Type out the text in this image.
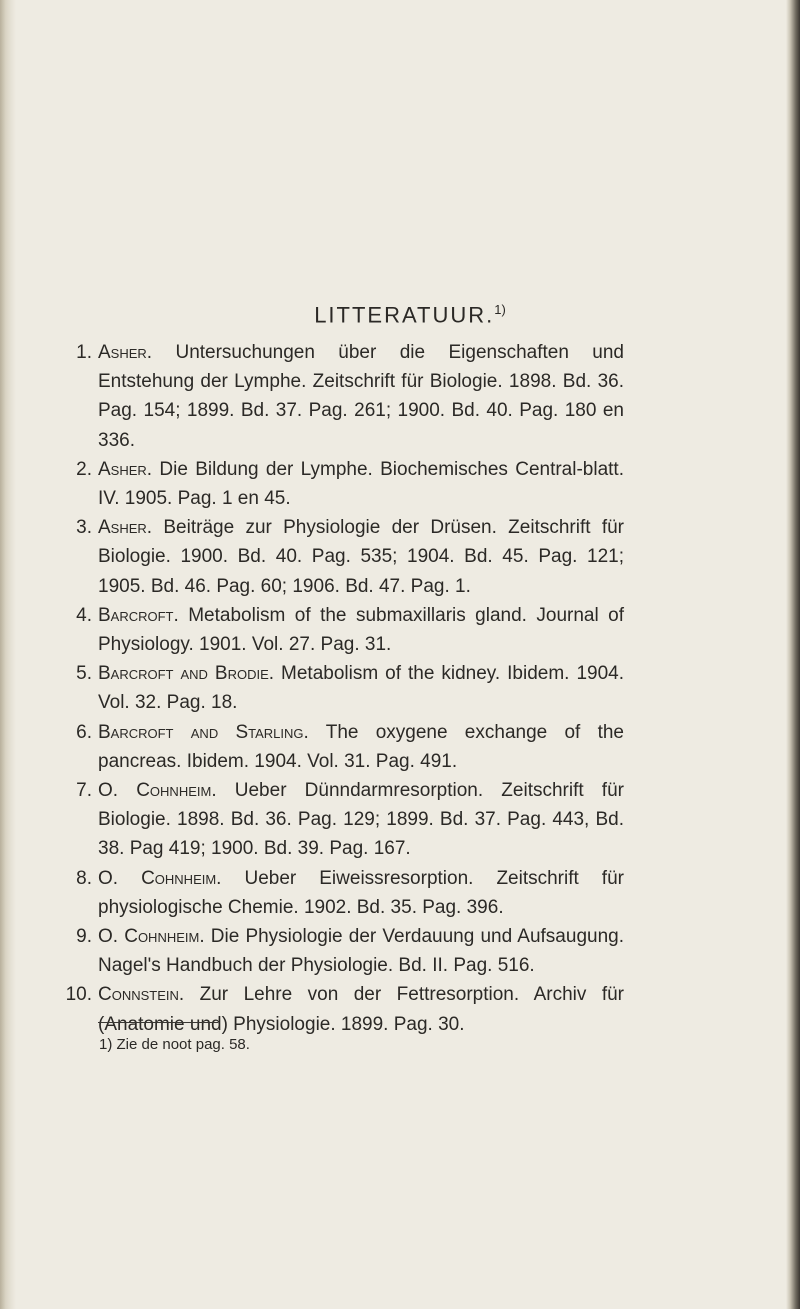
LITTERATUUR.$^{1)}$
1. Asher. Untersuchungen über die Eigenschaften und Entstehung der Lymphe. Zeitschrift für Biologie. 1898. Bd. 36. Pag. 154; 1899. Bd. 37. Pag. 261; 1900. Bd. 40. Pag. 180 en 336.
2. Asher. Die Bildung der Lymphe. Biochemisches Central-blatt. IV. 1905. Pag. 1 en 45.
3. Asher. Beiträge zur Physiologie der Drüsen. Zeitschrift für Biologie. 1900. Bd. 40. Pag. 535; 1904. Bd. 45. Pag. 121; 1905. Bd. 46. Pag. 60; 1906. Bd. 47. Pag. 1.
4. Barcroft. Metabolism of the submaxillaris gland. Journal of Physiology. 1901. Vol. 27. Pag. 31.
5. Barcroft and Brodie. Metabolism of the kidney. Ibidem. 1904. Vol. 32. Pag. 18.
6. Barcroft and Starling. The oxygene exchange of the pancreas. Ibidem. 1904. Vol. 31. Pag. 491.
7. O. Cohnheim. Ueber Dünndarmresorption. Zeitschrift für Biologie. 1898. Bd. 36. Pag. 129; 1899. Bd. 37. Pag. 443, Bd. 38. Pag 419; 1900. Bd. 39. Pag. 167.
8. O. Cohnheim. Ueber Eiweissresorption. Zeitschrift für physiologische Chemie. 1902. Bd. 35. Pag. 396.
9. O. Cohnheim. Die Physiologie der Verdauung und Aufsaugung. Nagel's Handbuch der Physiologie. Bd. II. Pag. 516.
10. Connstein. Zur Lehre von der Fettresorption. Archiv für (Anatomie und) Physiologie. 1899. Pag. 30.
1) Zie de noot pag. 58.
